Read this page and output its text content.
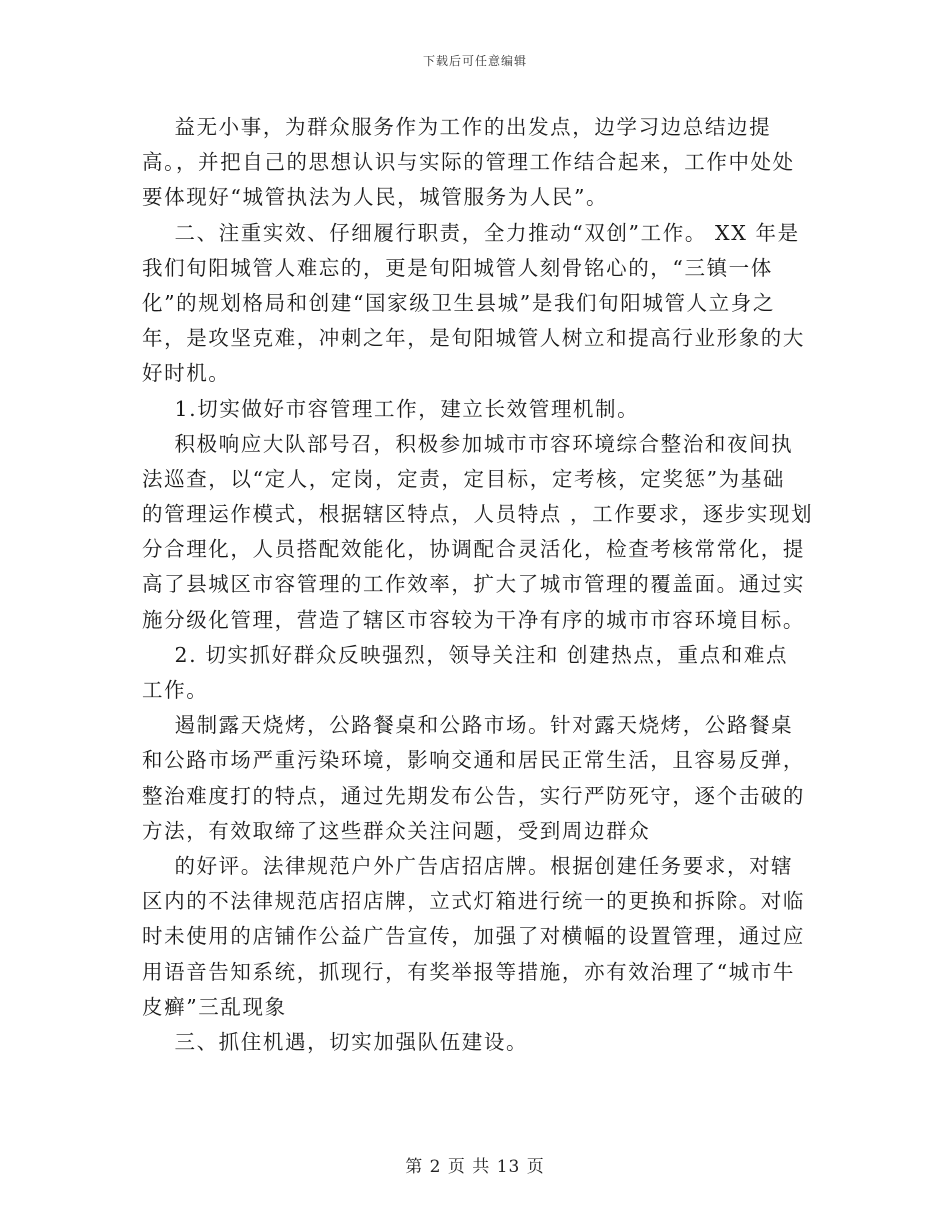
下载后可任意编辑
益无小事，为群众服务作为工作的出发点，边学习边总结边提
高。，并把自己的思想认识与实际的管理工作结合起来，工作中处处
要体现好“城管执法为人民，城管服务为人民”。
二、注重实效、仔细履行职责，全力推动“双创”工作。 XX 年是
我们旬阳城管人难忘的，更是旬阳城管人刻骨铭心的，“三镇一体
化”的规划格局和创建“国家级卫生县城”是我们旬阳城管人立身之
年，是攻坚克难，冲刺之年，是旬阳城管人树立和提高行业形象的大
好时机。
1.切实做好市容管理工作，建立长效管理机制。
积极响应大队部号召，积极参加城市市容环境综合整治和夜间执
法巡查，以“定人，定岗，定责，定目标，定考核，定奖惩”为基础
的管理运作模式，根据辖区特点，人员特点 ，工作要求，逐步实现划
分合理化，人员搭配效能化，协调配合灵活化，检查考核常常化，提
高了县城区市容管理的工作效率，扩大了城市管理的覆盖面。通过实
施分级化管理，营造了辖区市容较为干净有序的城市市容环境目标。
2. 切实抓好群众反映强烈，领导关注和 创建热点，重点和难点
工作。
遏制露天烧烤，公路餐桌和公路市场。针对露天烧烤，公路餐桌
和公路市场严重污染环境，影响交通和居民正常生活，且容易反弹，
整治难度打的特点，通过先期发布公告，实行严防死守，逐个击破的
方法，有效取缔了这些群众关注问题，受到周边群众
的好评。法律规范户外广告店招店牌。根据创建任务要求，对辖
区内的不法律规范店招店牌，立式灯箱进行统一的更换和拆除。对临
时未使用的店铺作公益广告宣传，加强了对横幅的设置管理，通过应
用语音告知系统，抓现行，有奖举报等措施，亦有效治理了“城市牛
皮癣”三乱现象
三、抓住机遇，切实加强队伍建设。
第 2 页 共 13 页
